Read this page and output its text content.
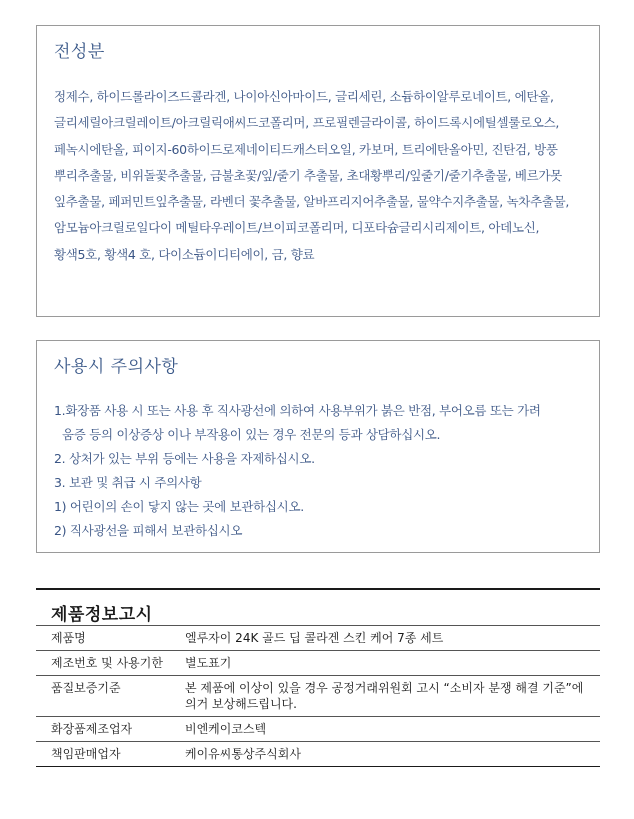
전성분
정제수, 하이드롤라이즈드콜라겐, 나이아신아마이드, 글리세린, 소듐하이알루로네이트, 에탄올,
글리세릴아크릴레이트/아크릴릭애씨드코폴리머, 프로필렌글라이콜, 하이드록시에틸셀룰로오스,
페녹시에탄올, 피이지-60하이드로제네이티드캐스터오일, 카보머, 트리에탄올아민, 진탄검, 방풍
뿌리추출물, 비위돌꽃추출물, 금불초꽃/잎/줄기 추출물, 초대황뿌리/잎줄기/줄기추출물, 베르가못
잎추출물, 페퍼민트잎추출물, 라벤더 꽃추출물, 알바프리지어추출물, 물약수지추출물, 녹차추출물,
암모늄아크릴로일다이 메틸타우레이트/브이피코폴리머, 디포타슘글리시리제이트, 아데노신,
황색5호, 황색4 호, 다이소듐이디티에이, 금, 향료
사용시 주의사항
1.화장품 사용 시 또는 사용 후 직사광선에 의하여 사용부위가 붉은 반점, 부어오름 또는 가려
움증 등의 이상증상 이나 부작용이 있는 경우 전문의 등과 상담하십시오.
2. 상처가 있는 부위 등에는 사용을 자제하십시오.
3. 보관 및 취급 시 주의사항
1) 어린이의 손이 닿지 않는 곳에 보관하십시오.
2) 직사광선을 피해서 보관하십시오
제품정보고시
제품명	엘루자이 24K 골드 딥 콜라겐 스킨 케어 7종 세트
제조번호 및 사용기한	별도표기
품질보증기준	본 제품에 이상이 있을 경우 공정거래위원회 고시 “소비자 분쟁 해결 기준”에 의거 보상해드립니다.
화장품제조업자	비엔케이코스텍
책임판매업자	케이유씨통상주식회사
